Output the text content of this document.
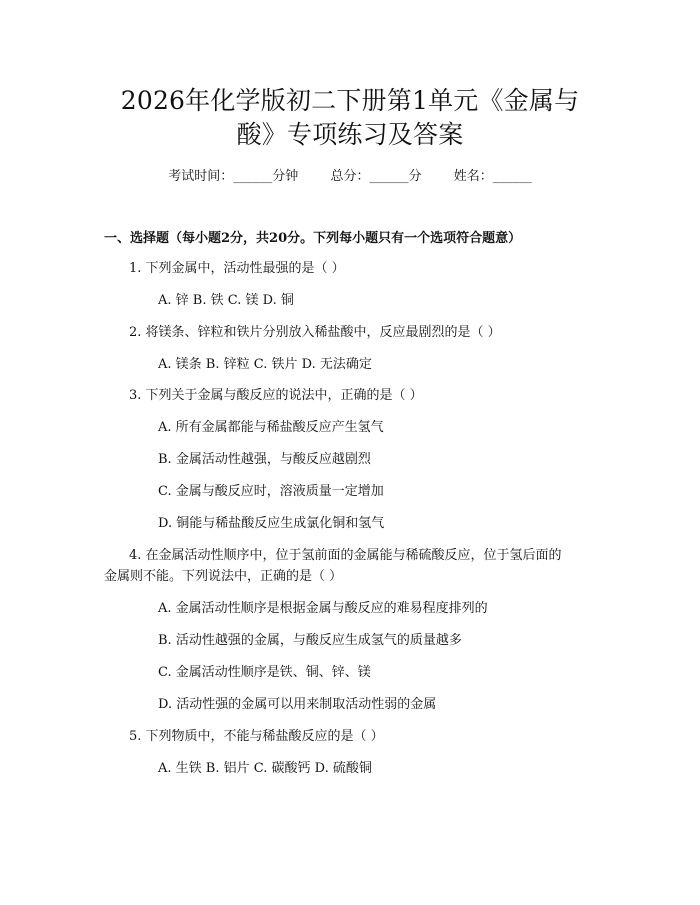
2026年化学版初二下册第1单元《金属与
酸》专项练习及答案
考试时间：______分钟 总分：______分 姓名：______
一、选择题（每小题2分，共20分。下列每小题只有一个选项符合题意）
1. 下列金属中，活动性最强的是（ ）
A. 锌 B. 铁 C. 镁 D. 铜
2. 将镁条、锌粒和铁片分别放入稀盐酸中，反应最剧烈的是（ ）
A. 镁条 B. 锌粒 C. 铁片 D. 无法确定
3. 下列关于金属与酸反应的说法中，正确的是（ ）
A. 所有金属都能与稀盐酸反应产生氢气
B. 金属活动性越强，与酸反应越剧烈
C. 金属与酸反应时，溶液质量一定增加
D. 铜能与稀盐酸反应生成氯化铜和氢气
4. 在金属活动性顺序中，位于氢前面的金属能与稀硫酸反应，位于氢后面的
金属则不能。下列说法中，正确的是（ ）
A. 金属活动性顺序是根据金属与酸反应的难易程度排列的
B. 活动性越强的金属，与酸反应生成氢气的质量越多
C. 金属活动性顺序是铁、铜、锌、镁
D. 活动性强的金属可以用来制取活动性弱的金属
5. 下列物质中，不能与稀盐酸反应的是（ ）
A. 生铁 B. 铝片 C. 碳酸钙 D. 硫酸铜
